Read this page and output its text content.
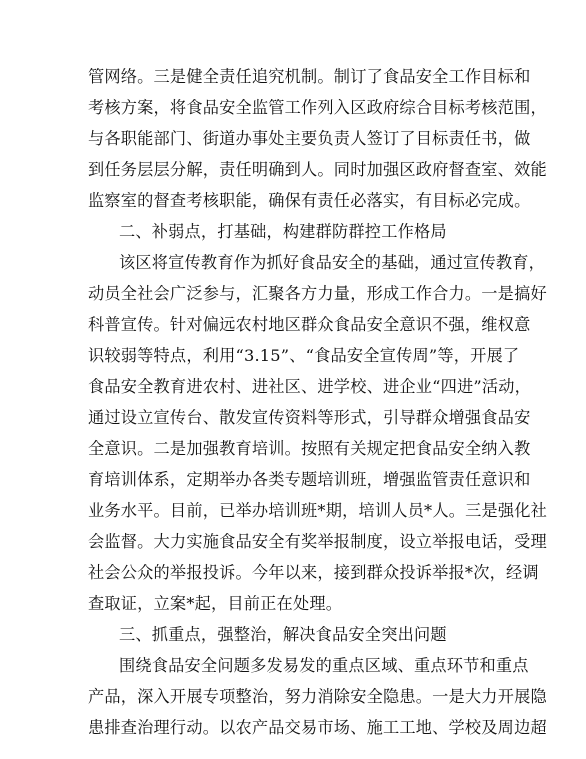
管网络。三是健全责任追究机制。制订了食品安全工作目标和
考核方案，将食品安全监管工作列入区政府综合目标考核范围，
与各职能部门、街道办事处主要负责人签订了目标责任书，做
到任务层层分解，责任明确到人。同时加强区政府督查室、效能
监察室的督查考核职能，确保有责任必落实，有目标必完成。
二、补弱点，打基础，构建群防群控工作格局
该区将宣传教育作为抓好食品安全的基础，通过宣传教育，
动员全社会广泛参与，汇聚各方力量，形成工作合力。一是搞好
科普宣传。针对偏远农村地区群众食品安全意识不强，维权意
识较弱等特点，利用“3.15”、“食品安全宣传周”等，开展了
食品安全教育进农村、进社区、进学校、进企业“四进”活动，
通过设立宣传台、散发宣传资料等形式，引导群众增强食品安
全意识。二是加强教育培训。按照有关规定把食品安全纳入教
育培训体系，定期举办各类专题培训班，增强监管责任意识和
业务水平。目前，已举办培训班*期，培训人员*人。三是强化社
会监督。大力实施食品安全有奖举报制度，设立举报电话，受理
社会公众的举报投诉。今年以来，接到群众投诉举报*次，经调
查取证，立案*起，目前正在处理。
三、抓重点，强整治，解决食品安全突出问题
围绕食品安全问题多发易发的重点区域、重点环节和重点
产品，深入开展专项整治，努力消除安全隐患。一是大力开展隐
患排查治理行动。以农产品交易市场、施工工地、学校及周边超
